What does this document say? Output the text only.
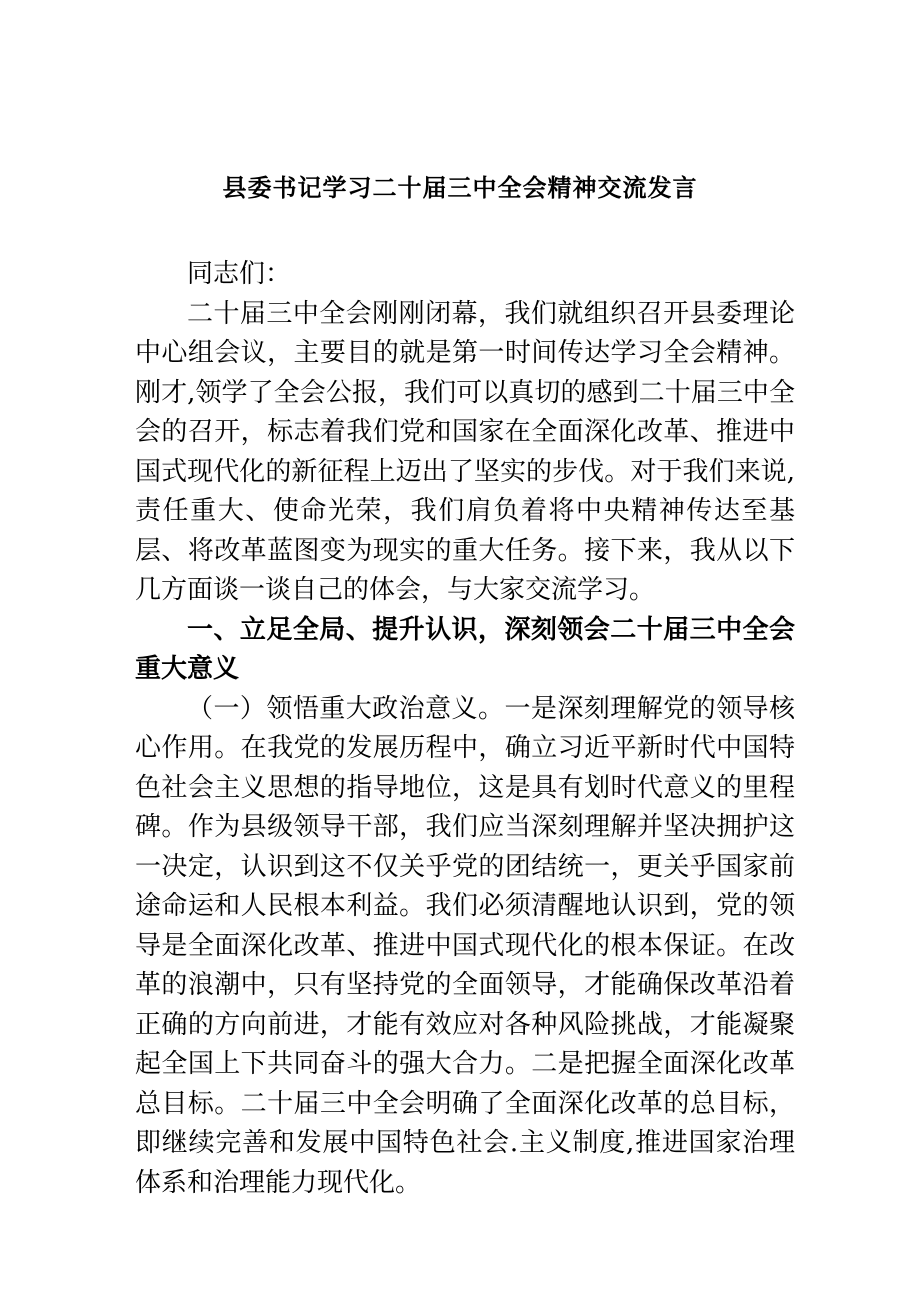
县委书记学习二十届三中全会精神交流发言

同志们：

二十届三中全会刚刚闭幕，我们就组织召开县委理论中心组会议，主要目的就是第一时间传达学习全会精神。刚才,领学了全会公报，我们可以真切的感到二十届三中全会的召开，标志着我们党和国家在全面深化改革、推进中国式现代化的新征程上迈出了坚实的步伐。对于我们来说,责任重大、使命光荣，我们肩负着将中央精神传达至基层、将改革蓝图变为现实的重大任务。接下来，我从以下几方面谈一谈自己的体会，与大家交流学习。

一、立足全局、提升认识，深刻领会二十届三中全会重大意义

（一）领悟重大政治意义。一是深刻理解党的领导核心作用。在我党的发展历程中，确立习近平新时代中国特色社会主义思想的指导地位，这是具有划时代意义的里程碑。作为县级领导干部，我们应当深刻理解并坚决拥护这一决定，认识到这不仅关乎党的团结统一，更关乎国家前途命运和人民根本利益。我们必须清醒地认识到，党的领导是全面深化改革、推进中国式现代化的根本保证。在改革的浪潮中，只有坚持党的全面领导，才能确保改革沿着正确的方向前进，才能有效应对各种风险挑战，才能凝聚起全国上下共同奋斗的强大合力。二是把握全面深化改革总目标。二十届三中全会明确了全面深化改革的总目标，即继续完善和发展中国特色社会.主义制度,推进国家治理体系和治理能力现代化。
